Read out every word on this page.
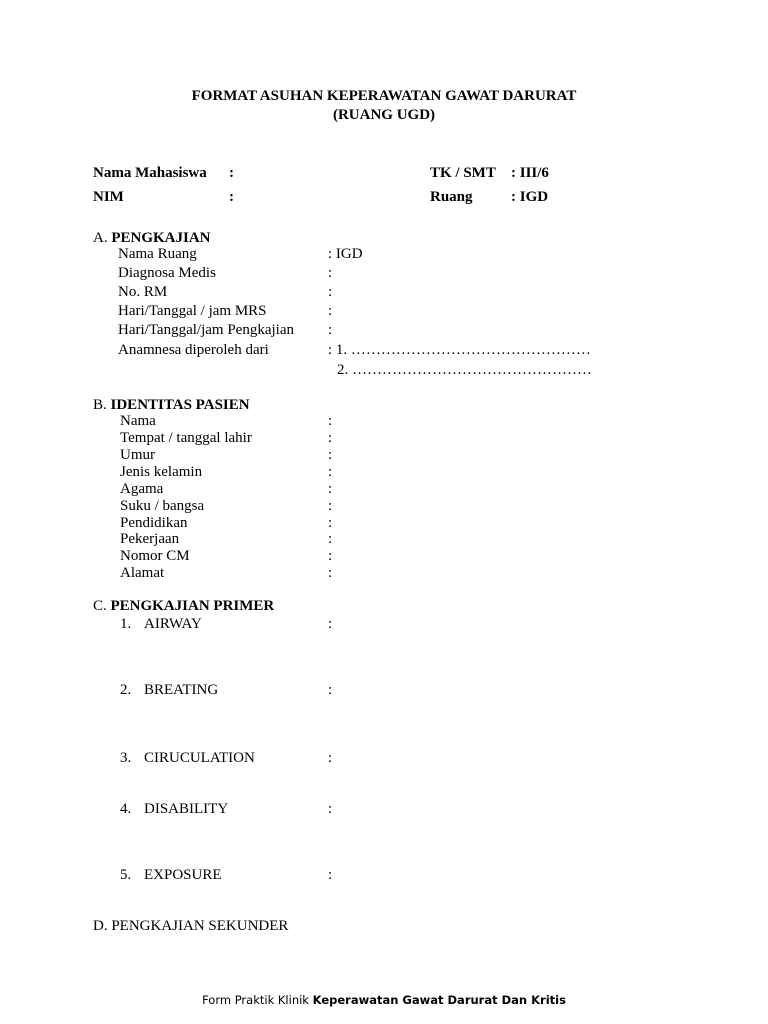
FORMAT ASUHAN KEPERAWATAN GAWAT DARURAT
(RUANG UGD)
Nama Mahasiswa :	TK / SMT : III/6
NIM	:	Ruang	: IGD
A. PENGKAJIAN
Nama Ruang	: IGD
Diagnosa Medis	:
No. RM	:
Hari/Tanggal / jam MRS	:
Hari/Tanggal/jam Pengkajian :
Anamnesa diperoleh dari	: 1. …………………………………………
2. …………………………………………
B. IDENTITAS PASIEN
Nama	:
Tempat / tanggal lahir	:
Umur	:
Jenis kelamin	:
Agama	:
Suku / bangsa	:
Pendidikan	:
Pekerjaan	:
Nomor CM	:
Alamat	:
C. PENGKAJIAN PRIMER
1. AIRWAY	:
2. BREATING	:
3. CIRUCULATION	:
4. DISABILITY	:
5. EXPOSURE	:
D. PENGKAJIAN SEKUNDER
Form Praktik Klinik Keperawatan Gawat Darurat Dan Kritis
